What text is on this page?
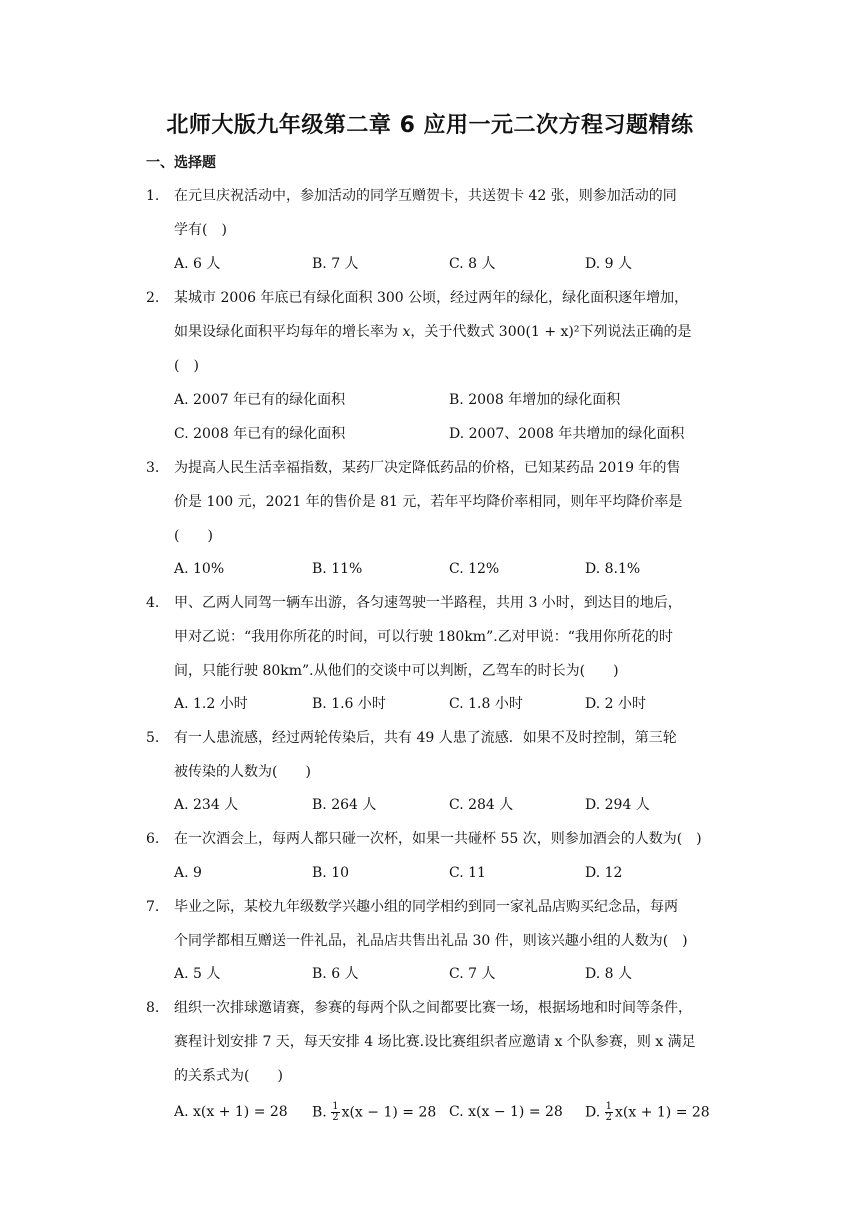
北师大版九年级第二章 6 应用一元二次方程习题精练
一、选择题
1. 在元旦庆祝活动中，参加活动的同学互赠贺卡，共送贺卡 42 张，则参加活动的同
学有(　)
A. 6 人	B. 7 人	C. 8 人	D. 9 人
2. 某城市 2006 年底已有绿化面积 300 公顷，经过两年的绿化，绿化面积逐年增加，
如果设绿化面积平均每年的增长率为 x，关于代数式 300(1 + x)²下列说法正确的是
(　)
A. 2007 年已有的绿化面积	B. 2008 年增加的绿化面积
C. 2008 年已有的绿化面积	D. 2007、2008 年共增加的绿化面积
3. 为提高人民生活幸福指数，某药厂决定降低药品的价格，已知某药品 2019 年的售
价是 100 元，2021 年的售价是 81 元，若年平均降价率相同，则年平均降价率是
(　　)
A. 10%	B. 11%	C. 12%	D. 8.1%
4. 甲、乙两人同驾一辆车出游，各匀速驾驶一半路程，共用 3 小时，到达目的地后，
甲对乙说：“我用你所花的时间，可以行驶 180km”.乙对甲说：“我用你所花的时
间，只能行驶 80km”.从他们的交谈中可以判断，乙驾车的时长为(　　)
A. 1.2 小时	B. 1.6 小时	C. 1.8 小时	D. 2 小时
5. 有一人患流感，经过两轮传染后，共有 49 人患了流感．如果不及时控制，第三轮
被传染的人数为(　　)
A. 234 人	B. 264 人	C. 284 人	D. 294 人
6. 在一次酒会上，每两人都只碰一次杯，如果一共碰杯 55 次，则参加酒会的人数为(　)
A. 9	B. 10	C. 11	D. 12
7. 毕业之际，某校九年级数学兴趣小组的同学相约到同一家礼品店购买纪念品，每两
个同学都相互赠送一件礼品，礼品店共售出礼品 30 件，则该兴趣小组的人数为(　)
A. 5 人	B. 6 人	C. 7 人	D. 8 人
8. 组织一次排球邀请赛，参赛的每两个队之间都要比赛一场，根据场地和时间等条件，
赛程计划安排 7 天，每天安排 4 场比赛.设比赛组织者应邀请 x 个队参赛，则 x 满足
的关系式为(　　)
A. x(x + 1) = 28 B. $\frac{1}{2} x(x - 1) = 28$ C. x(x − 1) = 28 D. $\frac{1}{2} x(x + 1) = 28$
